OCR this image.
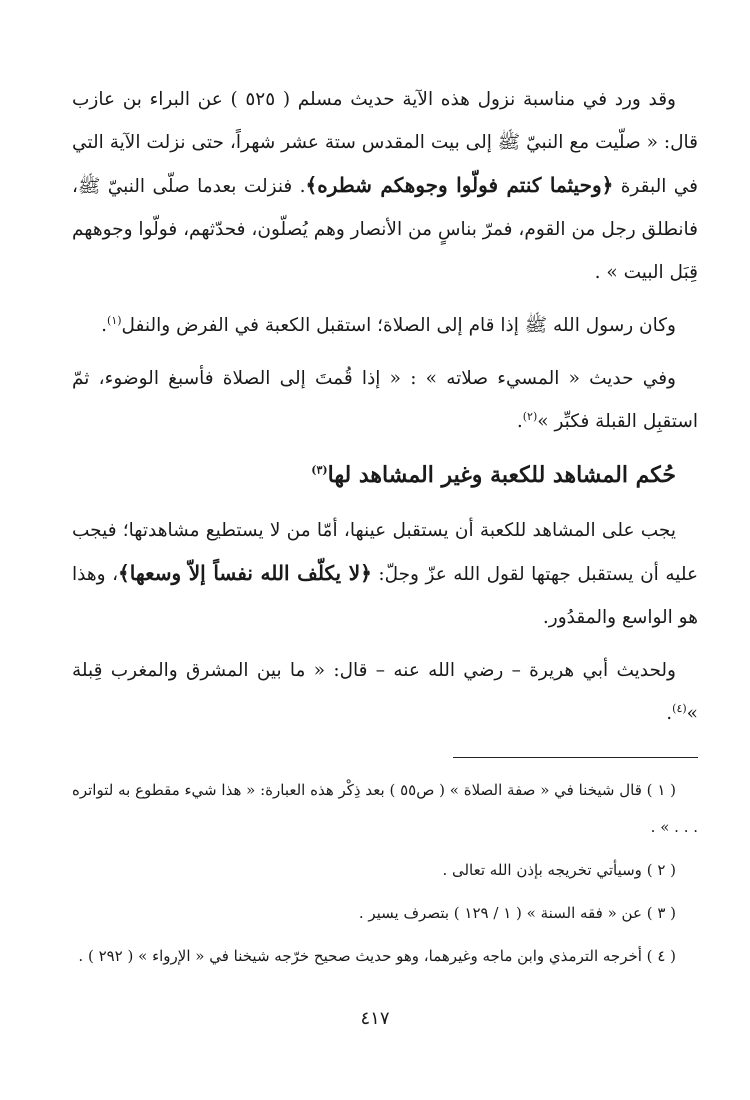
وقد ورد في مناسبة نزول هذه الآية حديث مسلم ( ٥٢٥ ) عن البراء بن عازب قال: « صلّيت مع النبيّ ﷺ إلى بيت المقدس ستة عشر شهراً، حتى نزلت الآية التي في البقرة ﴿وحيثما كنتم فولّوا وجوهكم شطره﴾. فنزلت بعدما صلّى النبيّ ﷺ، فانطلق رجل من القوم، فمرّ بناسٍ من الأنصار وهم يُصلّون، فحدّثهم، فولّوا وجوههم قِبَل البيت » .

وكان رسول الله ﷺ إذا قام إلى الصلاة؛ استقبل الكعبة في الفرض والنفل$^{(١)}$.

وفي حديث « المسيء صلاته » : « إذا قُمتَ إلى الصلاة فأسبغ الوضوء، ثمّ استقبِل القبلة فكبِّر »$^{(٢)}$.

حُكم المشاهد للكعبة وغير المشاهد لها$^{(٣)}$

يجب على المشاهد للكعبة أن يستقبل عينها، أمّا من لا يستطيع مشاهدتها؛ فيجب عليه أن يستقبل جهتها لقول الله عزّ وجلّ: ﴿لا يكلّف الله نفساً إلاّ وسعها﴾، وهذا هو الواسع والمقدُور.

ولحديث أبي هريرة – رضي الله عنه – قال: « ما بين المشرق والمغرب قِبلة »$^{(٤)}$.

( ١ ) قال شيخنا في « صفة الصلاة » ( ص٥٥ ) بعد ذِكْر هذه العبارة: « هذا شيء مقطوع به لتواتره . . . » .

( ٢ ) وسيأتي تخريجه بإذن الله تعالى .

( ٣ ) عن « فقه السنة » ( ١ / ١٢٩ ) بتصرف يسير .

( ٤ ) أخرجه الترمذي وابن ماجه وغيرهما، وهو حديث صحيح خرّجه شيخنا في « الإرواء » ( ٢٩٢ ) .

٤١٧
